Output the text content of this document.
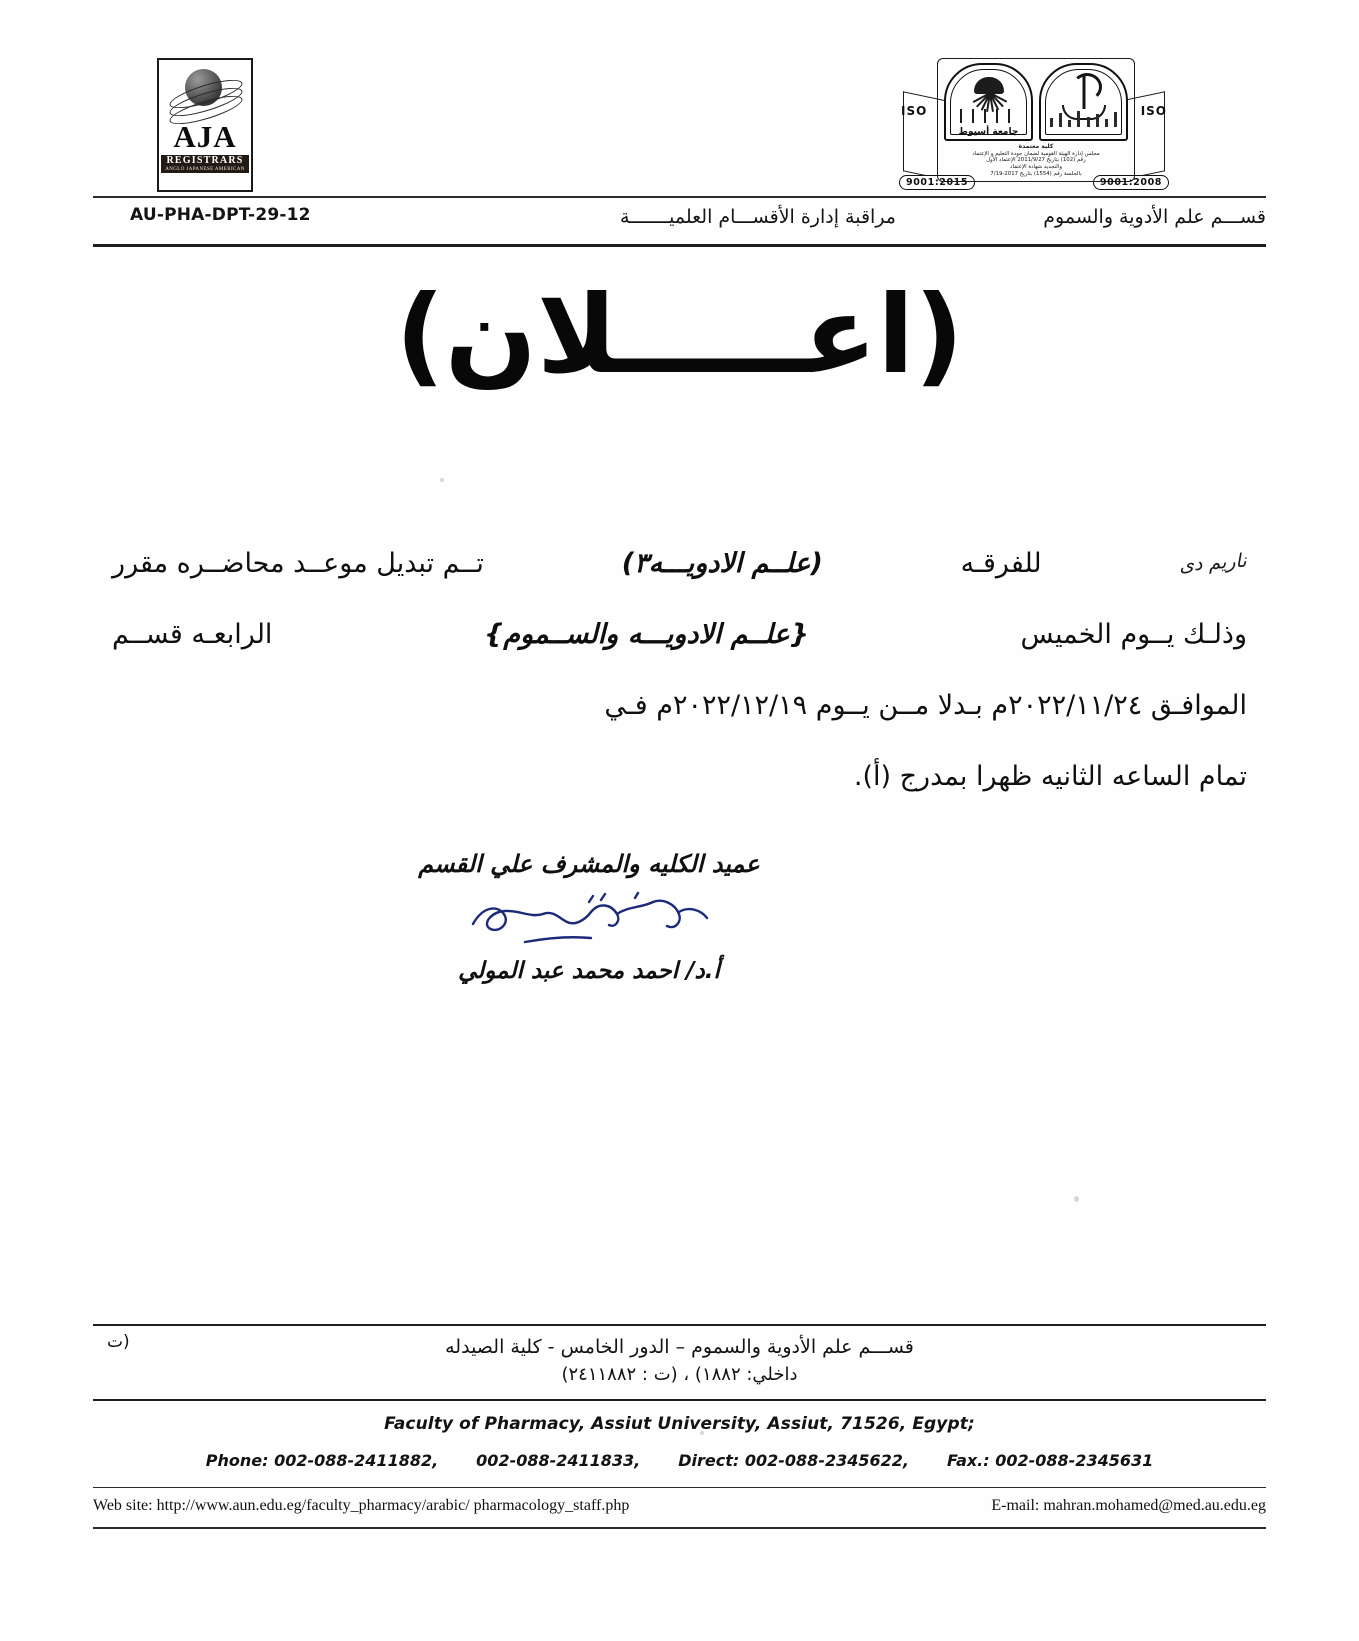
AJA
REGISTRARS
ANGLO JAPANESE AMERICAN
ISO	ISO
9001:2015	9001:2008
جامعة أسيوط
كلية معتمدة
مجلس إدارة الهيئة القومية لضمان جودة التعليم و الإعتماد
رقم (102) بتاريخ 2011/9/27 الإعتماد الأول
والتجديد شهادة الإعتماد
بالجلسة رقم (1554) بتاريخ 2017-7/19
AU-PHA-DPT-29-12	قســـم علم الأدوية والسموم
مراقبة إدارة الأقســـام العلميـــــــة
(اعـــــلان)
ناريم دى
للفرقـه
(علــم الادويـــه٣)
تــم تبديل موعــد محاضــره مقرر
وذلـك يــوم الخميس
{علــم الادويـــه والســموم}
الرابعـه قســم
الموافـق ٢٠٢٢/١١/٢٤م بـدلا مــن يــوم ٢٠٢٢/١٢/١٩م فـي
تمام الساعه الثانيه ظهرا بمدرج (أ).
عميد الكليه والمشرف علي القسم
أ.د/ احمد محمد عبد المولي
(ت	قســـم علم الأدوية والسموم – الدور الخامس - كلية الصيدله
داخلي: ١٨٨٢) ، (ت : ٢٤١١٨٨٢)
Faculty of Pharmacy, Assiut University, Assiut, 71526, Egypt;
Phone: 002-088-2411882, 002-088-2411833, Direct: 002-088-2345622, Fax.: 002-088-2345631
Web site: http://www.aun.edu.eg/faculty_pharmacy/arabic/ pharmacology_staff.php	E-mail: mahran.mohamed@med.au.edu.eg
